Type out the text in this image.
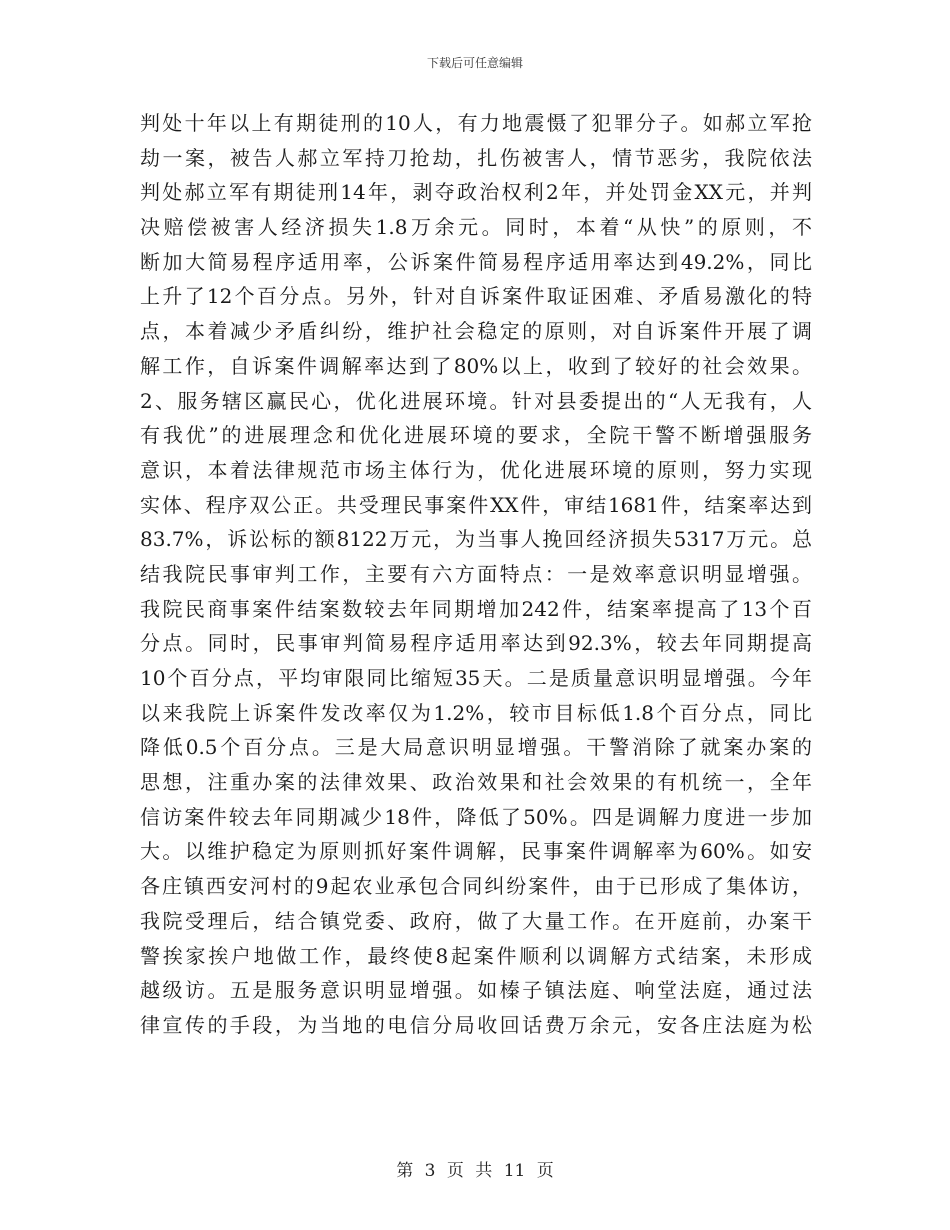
下载后可任意编辑
判处十年以上有期徒刑的10人，有力地震慑了犯罪分子。如郝立军抢
劫一案，被告人郝立军持刀抢劫，扎伤被害人，情节恶劣，我院依法
判处郝立军有期徒刑14年，剥夺政治权利2年，并处罚金XX元，并判
决赔偿被害人经济损失1.8万余元。同时，本着“从快”的原则，不
断加大简易程序适用率，公诉案件简易程序适用率达到49.2%，同比
上升了12个百分点。另外，针对自诉案件取证困难、矛盾易激化的特
点，本着减少矛盾纠纷，维护社会稳定的原则，对自诉案件开展了调
解工作，自诉案件调解率达到了80%以上，收到了较好的社会效果。
2、服务辖区赢民心，优化进展环境。针对县委提出的“人无我有，人
有我优”的进展理念和优化进展环境的要求，全院干警不断增强服务
意识，本着法律规范市场主体行为，优化进展环境的原则，努力实现
实体、程序双公正。共受理民事案件XX件，审结1681件，结案率达到
83.7%，诉讼标的额8122万元，为当事人挽回经济损失5317万元。总
结我院民事审判工作，主要有六方面特点：一是效率意识明显增强。
我院民商事案件结案数较去年同期增加242件，结案率提高了13个百
分点。同时，民事审判简易程序适用率达到92.3%，较去年同期提高
10个百分点，平均审限同比缩短35天。二是质量意识明显增强。今年
以来我院上诉案件发改率仅为1.2%，较市目标低1.8个百分点，同比
降低0.5个百分点。三是大局意识明显增强。干警消除了就案办案的
思想，注重办案的法律效果、政治效果和社会效果的有机统一，全年
信访案件较去年同期减少18件，降低了50%。四是调解力度进一步加
大。以维护稳定为原则抓好案件调解，民事案件调解率为60%。如安
各庄镇西安河村的9起农业承包合同纠纷案件，由于已形成了集体访，
我院受理后，结合镇党委、政府，做了大量工作。在开庭前，办案干
警挨家挨户地做工作，最终使8起案件顺利以调解方式结案，未形成
越级访。五是服务意识明显增强。如榛子镇法庭、响堂法庭，通过法
律宣传的手段，为当地的电信分局收回话费万余元，安各庄法庭为松
第 3 页 共 11 页
